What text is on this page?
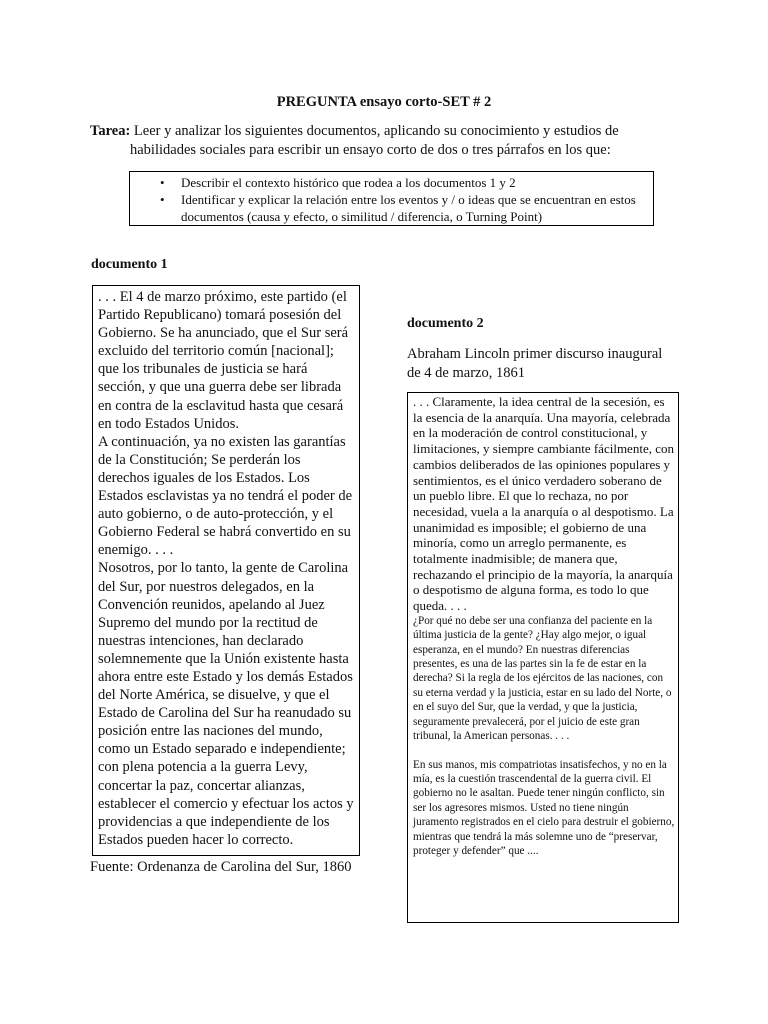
PREGUNTA ensayo corto-SET # 2
Tarea: Leer y analizar los siguientes documentos, aplicando su conocimiento y estudios de
habilidades sociales para escribir un ensayo corto de dos o tres párrafos en los que:
• Describir el contexto histórico que rodea a los documentos 1 y 2
• Identificar y explicar la relación entre los eventos y / o ideas que se encuentran en estos documentos (causa y efecto, o similitud / diferencia, o Turning Point)
documento 1

. . . El 4 de marzo próximo, este partido (el Partido Republicano) tomará posesión del Gobierno. Se ha anunciado, que el Sur será excluido del territorio común [nacional]; que los tribunales de justicia se hará sección, y que una guerra debe ser librada en contra de la esclavitud hasta que cesará en todo Estados Unidos.

A continuación, ya no existen las garantías de la Constitución; Se perderán los derechos iguales de los Estados. Los Estados esclavistas ya no tendrá el poder de auto gobierno, o de auto-protección, y el Gobierno Federal se habrá convertido en su enemigo. . . .

Nosotros, por lo tanto, la gente de Carolina del Sur, por nuestros delegados, en la Convención reunidos, apelando al Juez Supremo del mundo por la rectitud de nuestras intenciones, han declarado solemnemente que la Unión existente hasta ahora entre este Estado y los demás Estados del Norte América, se disuelve, y que el Estado de Carolina del Sur ha reanudado su posición entre las naciones del mundo, como un Estado separado e independiente; con plena potencia a la guerra Levy, concertar la paz, concertar alianzas, establecer el comercio y efectuar los actos y providencias a que independiente de los Estados pueden hacer lo correcto.

Fuente: Ordenanza de Carolina del Sur, 1860
documento 2
Abraham Lincoln primer discurso inaugural de 4 de marzo, 1861

. . . Claramente, la idea central de la secesión, es la esencia de la anarquía. Una mayoría, celebrada en la moderación de control constitucional, y limitaciones, y siempre cambiante fácilmente, con cambios deliberados de las opiniones populares y sentimientos, es el único verdadero soberano de un pueblo libre. El que lo rechaza, no por necesidad, vuela a la anarquía o al despotismo. La unanimidad es imposible; el gobierno de una minoría, como un arreglo permanente, es totalmente inadmisible; de manera que, rechazando el principio de la mayoría, la anarquía o despotismo de alguna forma, es todo lo que queda. . . .

¿Por qué no debe ser una confianza del paciente en la última justicia de la gente? ¿Hay algo mejor, o igual esperanza, en el mundo? En nuestras diferencias presentes, es una de las partes sin la fe de estar en la derecha? Si la regla de los ejércitos de las naciones, con su eterna verdad y la justicia, estar en su lado del Norte, o en el suyo del Sur, que la verdad, y que la justicia, seguramente prevalecerá, por el juicio de este gran tribunal, la American personas. . . .

En sus manos, mis compatriotas insatisfechos, y no en la mía, es la cuestión trascendental de la guerra civil. El gobierno no le asaltan. Puede tener ningún conflicto, sin ser los agresores mismos. Usted no tiene ningún juramento registrados en el cielo para destruir el gobierno, mientras que tendrá la más solemne uno de “preservar, proteger y defender” que ....
